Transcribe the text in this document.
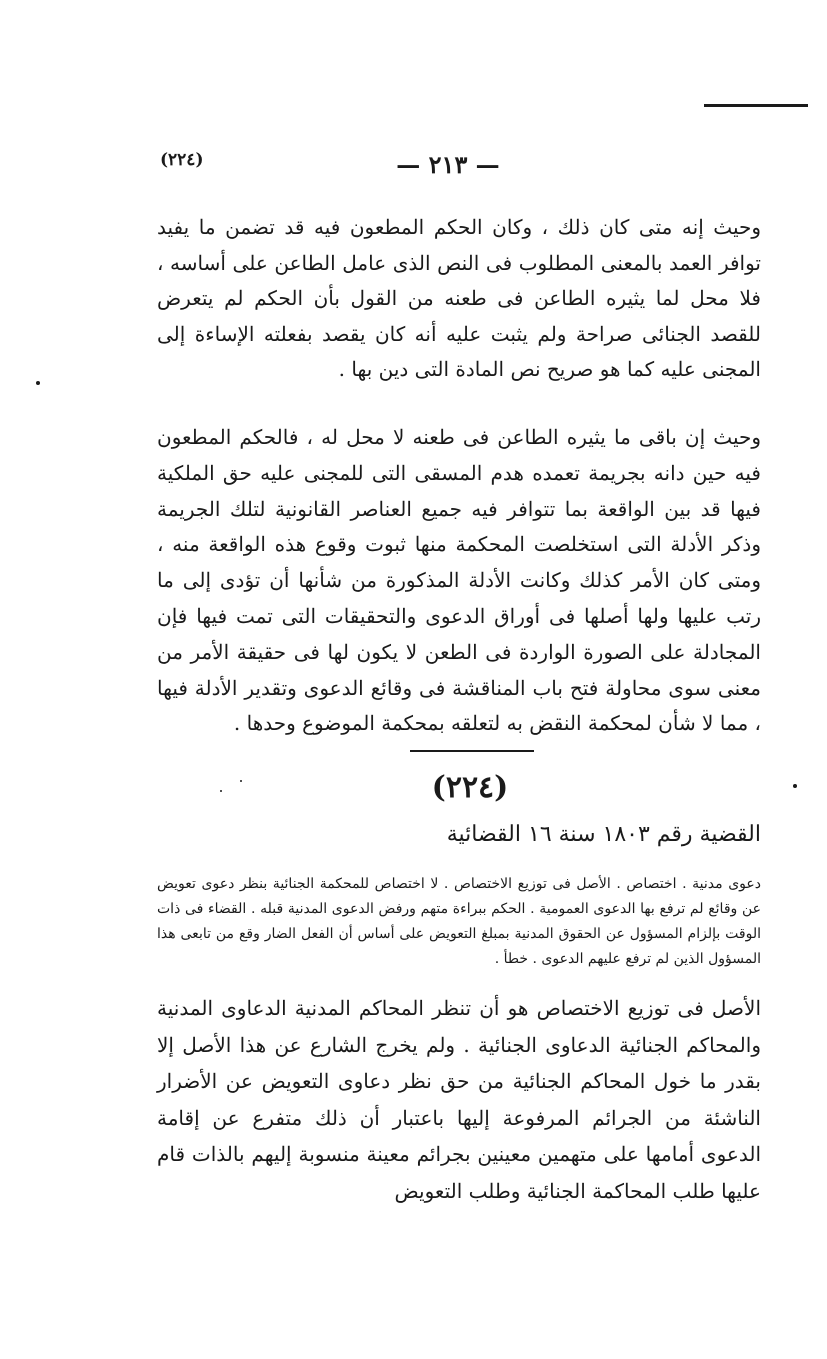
(٢٢٤)	— ٢١٣ —

وحيث إنه متى كان ذلك ، وكان الحكم المطعون فيه قد تضمن ما يفيد توافر العمد بالمعنى المطلوب فى النص الذى عامل الطاعن على أساسه ، فلا محل لما يثيره الطاعن فى طعنه من القول بأن الحكم لم يتعرض للقصد الجنائى صراحة ولم يثبت عليه أنه كان يقصد بفعلته الإساءة إلى المجنى عليه كما هو صريح نص المادة التى دين بها .

وحيث إن باقى ما يثيره الطاعن فى طعنه لا محل له ، فالحكم المطعون فيه حين دانه بجريمة تعمده هدم المسقى التى للمجنى عليه حق الملكية فيها قد بين الواقعة بما تتوافر فيه جميع العناصر القانونية لتلك الجريمة وذكر الأدلة التى استخلصت المحكمة منها ثبوت وقوع هذه الواقعة منه ، ومتى كان الأمر كذلك وكانت الأدلة المذكورة من شأنها أن تؤدى إلى ما رتب عليها ولها أصلها فى أوراق الدعوى والتحقيقات التى تمت فيها فإن المجادلة على الصورة الواردة فى الطعن لا يكون لها فى حقيقة الأمر من معنى سوى محاولة فتح باب المناقشة فى وقائع الدعوى وتقدير الأدلة فيها ، مما لا شأن لمحكمة النقض به لتعلقه بمحكمة الموضوع وحدها .

(٢٢٤)
القضية رقم ١٨٠٣ سنة ١٦ القضائية

دعوى مدنية . اختصاص . الأصل فى توزيع الاختصاص . لا اختصاص للمحكمة الجنائية بنظر دعوى تعويض عن وقائع لم ترفع بها الدعوى العمومية . الحكم ببراءة متهم ورفض الدعوى المدنية قبله . القضاء فى ذات الوقت بإلزام المسؤول عن الحقوق المدنية بمبلغ التعويض على أساس أن الفعل الضار وقع من تابعى هذا المسؤول الذين لم ترفع عليهم الدعوى . خطأ .

الأصل فى توزيع الاختصاص هو أن تنظر المحاكم المدنية الدعاوى المدنية والمحاكم الجنائية الدعاوى الجنائية . ولم يخرج الشارع عن هذا الأصل إلا بقدر ما خول المحاكم الجنائية من حق نظر دعاوى التعويض عن الأضرار الناشئة من الجرائم المرفوعة إليها باعتبار أن ذلك متفرع عن إقامة الدعوى أمامها على متهمين معينين بجرائم معينة منسوبة إليهم بالذات قام عليها طلب المحاكمة الجنائية وطلب التعويض
